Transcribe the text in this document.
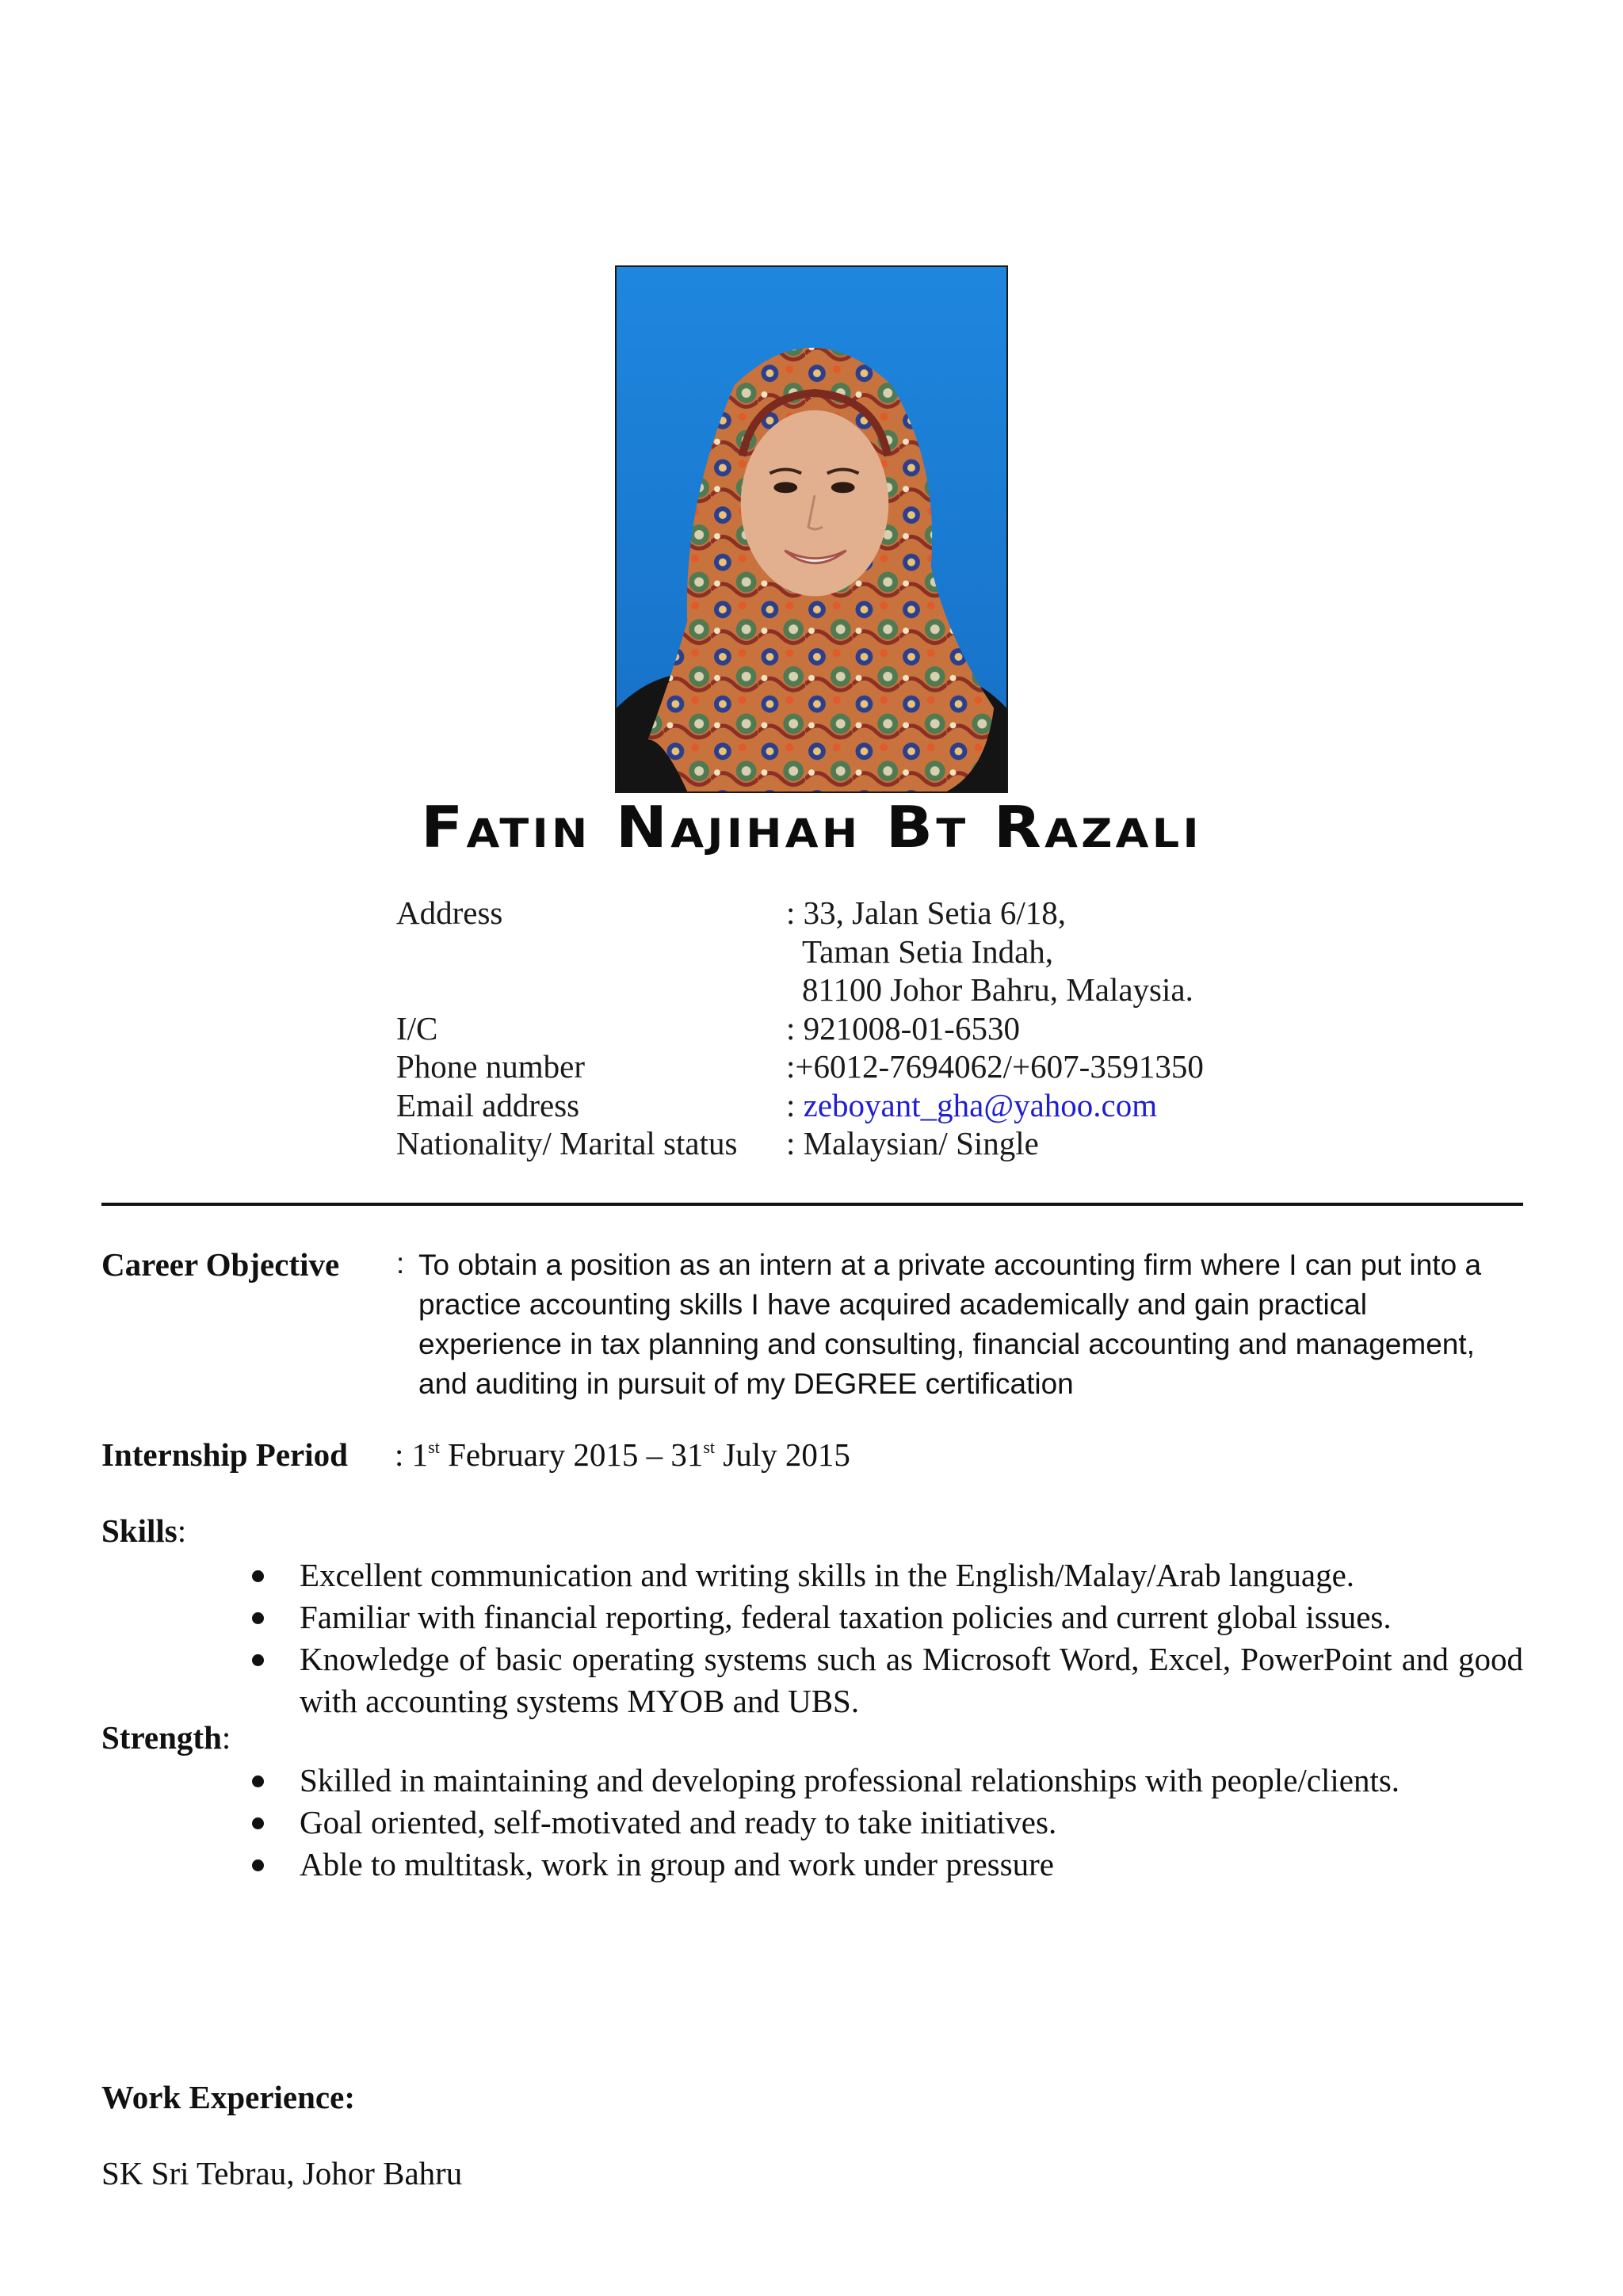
Fatin Najihah Bt Razali
Address	: 33, Jalan Setia 6/18,
Taman Setia Indah,
81100 Johor Bahru, Malaysia.
I/C	: 921008-01-6530
Phone number	:+6012-7694062/+607-3591350
Email address	: zeboyant_gha@yahoo.com
Nationality/ Marital status	: Malaysian/ Single
Career Objective : To obtain a position as an intern at a private accounting firm where I can put into a
practice accounting skills I have acquired academically and gain practical
experience in tax planning and consulting, financial accounting and management,
and auditing in pursuit of my DEGREE certification
Internship Period : 1st February 2015 – 31st July 2015
Skills:
Excellent communication and writing skills in the English/Malay/Arab language.
Familiar with financial reporting, federal taxation policies and current global issues.
Knowledge of basic operating systems such as Microsoft Word, Excel, PowerPoint and good with accounting systems MYOB and UBS.
Strength:
Skilled in maintaining and developing professional relationships with people/clients.
Goal oriented, self-motivated and ready to take initiatives.
Able to multitask, work in group and work under pressure
Work Experience:
SK Sri Tebrau, Johor Bahru
